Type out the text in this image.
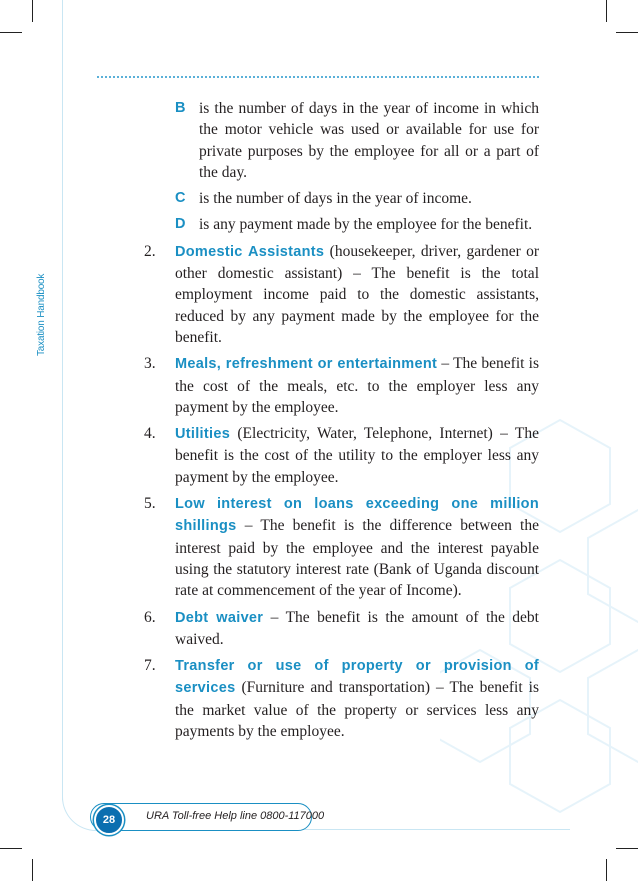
Taxation Handbook
B is the number of days in the year of income in which the motor vehicle was used or available for use for private purposes by the employee for all or a part of the day.
C is the number of days in the year of income.
D is any payment made by the employee for the benefit.
2.	Domestic Assistants (housekeeper, driver, gardener or other domestic assistant) – The benefit is the total employment income paid to the domestic assistants, reduced by any payment made by the employee for the benefit.
3.	Meals, refreshment or entertainment – The benefit is the cost of the meals, etc. to the employer less any payment by the employee.
4.	Utilities (Electricity, Water, Telephone, Internet) – The benefit is the cost of the utility to the employer less any payment by the employee.
5.	Low interest on loans exceeding one million shillings – The benefit is the difference between the interest paid by the employee and the interest payable using the statutory interest rate (Bank of Uganda discount rate at commencement of the year of Income).
6.	Debt waiver – The benefit is the amount of the debt waived.
7.	Transfer or use of property or provision of services (Furniture and transportation) – The benefit is the market value of the property or services less any payments by the employee.
28	URA Toll-free Help line 0800-117000
